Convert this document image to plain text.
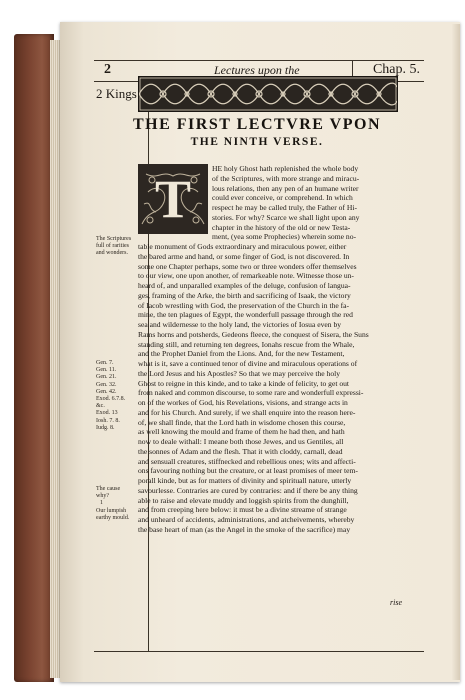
2	Lectures upon the	Chap. 5.
2 Kings
The Scriptures
full of rarities
and wonders.
Gen. 7.
Gen. 11.
Gen. 21.
Gen. 32.
Gen. 42.
Exod. 6.7.8.
&c.
Exod. 13
Iosh. 7. 8.
Iudg. 8.
The cause
why?
1
Our lumpish
earthy mould.
THE FIRST LECTVRE VPON
THE NINTH VERSE.
T
HE holy Ghost hath replenished the whole body
of the Scriptures, with more strange and miracu-
lous relations, then any pen of an humane writer
could ever conceive, or comprehend. In which
respect he may be called truly, the Father of Hi-
stories. For why? Scarce we shall light upon any
chapter in the history of the old or new Testa-
ment, (yea some Prophecies) wherein some no-
table monument of Gods extraordinary and miraculous power, either
the bared arme and hand, or some finger of God, is not discovered. In
some one Chapter perhaps, some two or three wonders offer themselves
to our view, one upon another, of remarkeable note. Witnesse those un-
heard of, and unparalled examples of the deluge, confusion of langua-
ges, framing of the Arke, the birth and sacrificing of Isaak, the victory
of Iacob wrestling with God, the preservation of the Church in the fa-
mine, the ten plagues of Egypt, the wonderfull passage through the red
sea and wildernesse to the holy land, the victories of Iosua even by
Rams horns and potsherds, Gedeons fleece, the conquest of Sisera, the Suns
standing still, and returning ten degrees, Ionahs rescue from the Whale,
and the Prophet Daniel from the Lions. And, for the new Testament,
what is it, save a continued tenor of divine and miraculous operations of
the Lord Jesus and his Apostles? So that we may perceive the holy
Ghost to reigne in this kinde, and to take a kinde of felicity, to get out
from naked and common discourse, to some rare and wonderfull expressi-
on of the workes of God, his Revelations, visions, and strange acts in
and for his Church. And surely, if we shall enquire into the reason here-
of, we shall finde, that the Lord hath in wisdome chosen this course,
as well knowing the mould and frame of them he had then, and hath
now to deale withall: I meane both those Jewes, and us Gentiles, all
the sonnes of Adam and the flesh. That it with cloddy, carnall, dead
and sensuall creatures, stiffnecked and rebellious ones; wits and affecti-
ons favouring nothing but the creature, or at least promises of meer tem-
porall kinde, but as for matters of divinity and spirituall nature, utterly
savourlesse. Contraries are cured by contraries: and if there be any thing
able to raise and elevate muddy and loggish spirits from the dunghill,
and from creeping here below: it must be a divine streame of strange
and unheard of accidents, administrations, and atcheivements, whereby
the base heart of man (as the Angel in the smoke of the sacrifice) may
rise
